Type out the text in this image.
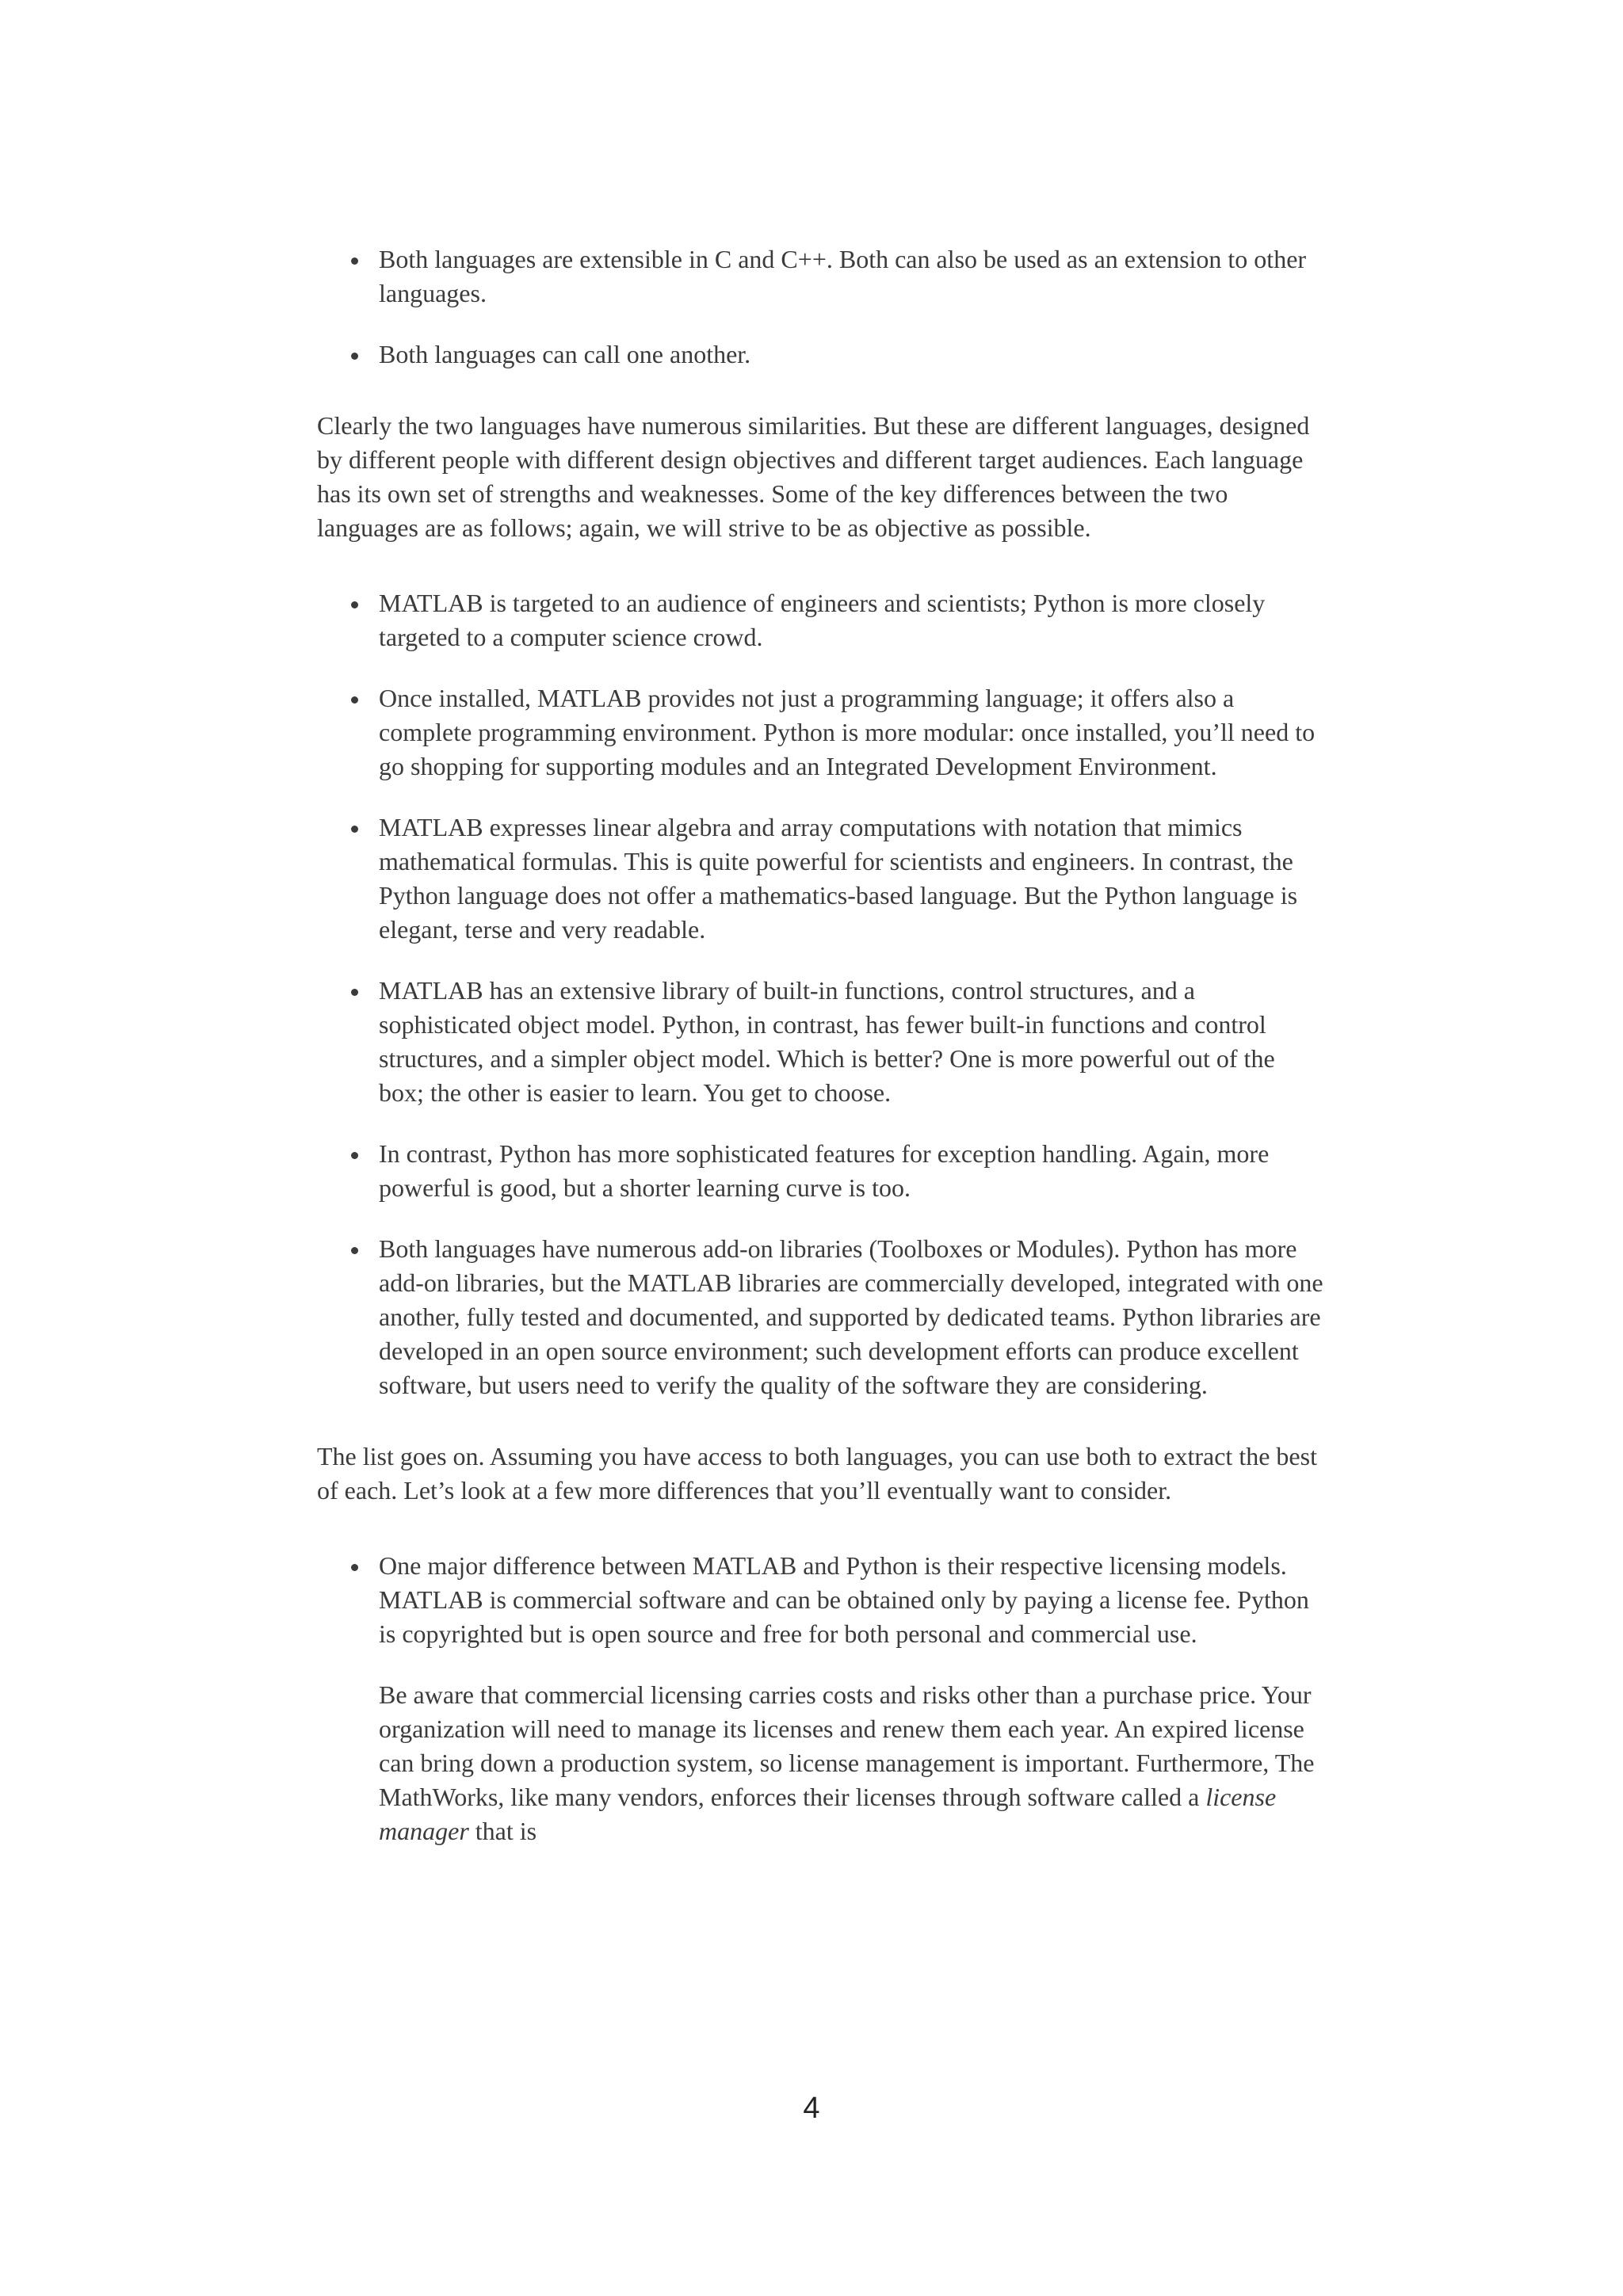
Both languages are extensible in C and C++. Both can also be used as an extension to other languages.
Both languages can call one another.

Clearly the two languages have numerous similarities. But these are different languages, designed by different people with different design objectives and different target audiences. Each language has its own set of strengths and weaknesses. Some of the key differences between the two languages are as follows; again, we will strive to be as objective as possible.

MATLAB is targeted to an audience of engineers and scientists; Python is more closely targeted to a computer science crowd.
Once installed, MATLAB provides not just a programming language; it offers also a complete programming environment. Python is more modular: once installed, you’ll need to go shopping for supporting modules and an Integrated Development Environment.
MATLAB expresses linear algebra and array computations with notation that mimics mathematical formulas. This is quite powerful for scientists and engineers. In contrast, the Python language does not offer a mathematics-based language. But the Python language is elegant, terse and very readable.
MATLAB has an extensive library of built-in functions, control structures, and a sophisticated object model. Python, in contrast, has fewer built-in functions and control structures, and a simpler object model. Which is better? One is more powerful out of the box; the other is easier to learn. You get to choose.
In contrast, Python has more sophisticated features for exception handling. Again, more powerful is good, but a shorter learning curve is too.
Both languages have numerous add-on libraries (Toolboxes or Modules). Python has more add-on libraries, but the MATLAB libraries are commercially developed, integrated with one another, fully tested and documented, and supported by dedicated teams. Python libraries are developed in an open source environment; such development efforts can produce excellent software, but users need to verify the quality of the software they are considering.

The list goes on. Assuming you have access to both languages, you can use both to extract the best of each. Let’s look at a few more differences that you’ll eventually want to consider.

One major difference between MATLAB and Python is their respective licensing models. MATLAB is commercial software and can be obtained only by paying a license fee. Python is copyrighted but is open source and free for both personal and commercial use.

Be aware that commercial licensing carries costs and risks other than a purchase price. Your organization will need to manage its licenses and renew them each year. An expired license can bring down a production system, so license management is important. Furthermore, The MathWorks, like many vendors, enforces their licenses through software called a license manager that is

4
